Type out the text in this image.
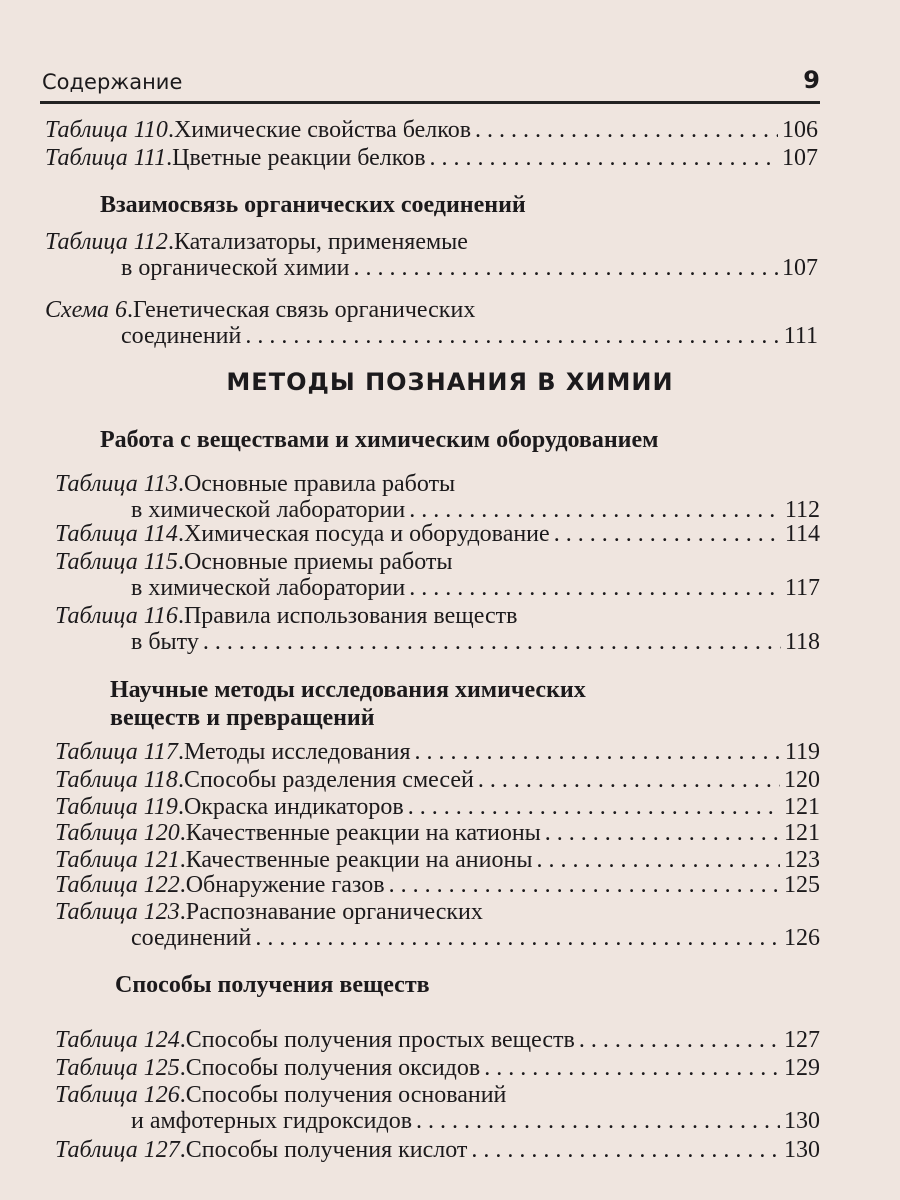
Содержание	9
Взаимосвязь органических соединений
МЕТОДЫ ПОЗНАНИЯ В ХИМИИ
Работа с веществами и химическим оборудованием
Научные методы исследования химических
веществ и превращений
Способы получения веществ
Таблица 110 . Химические свойства белков . . .	106
Таблица 111 . Цветные реакции белков . . .	107
Таблица 112 . Катализаторы, применяемые
в органической химии . . .	107
Схема 6 . Генетическая связь органических
соединений . . .	111
Таблица 113 . Основные правила работы
в химической лаборатории . . .	112
Таблица 114 . Химическая посуда и оборудование . . .	114
Таблица 115 . Основные приемы работы
в химической лаборатории . . .	117
Таблица 116 . Правила использования веществ
в быту . . .	118
Таблица 117 . Методы исследования . . .	119
Таблица 118 . Способы разделения смесей . . .	120
Таблица 119 . Окраска индикаторов . . .	121
Таблица 120 . Качественные реакции на катионы . . .	121
Таблица 121 . Качественные реакции на анионы . . .	123
Таблица 122 . Обнаружение газов . . .	125
Таблица 123 . Распознавание органических
соединений . . .	126
Таблица 124 . Способы получения простых веществ . . .	127
Таблица 125 . Способы получения оксидов . . .	129
Таблица 126 . Способы получения оснований
и амфотерных гидроксидов . . .	130
Таблица 127 . Способы получения кислот . . .	130
